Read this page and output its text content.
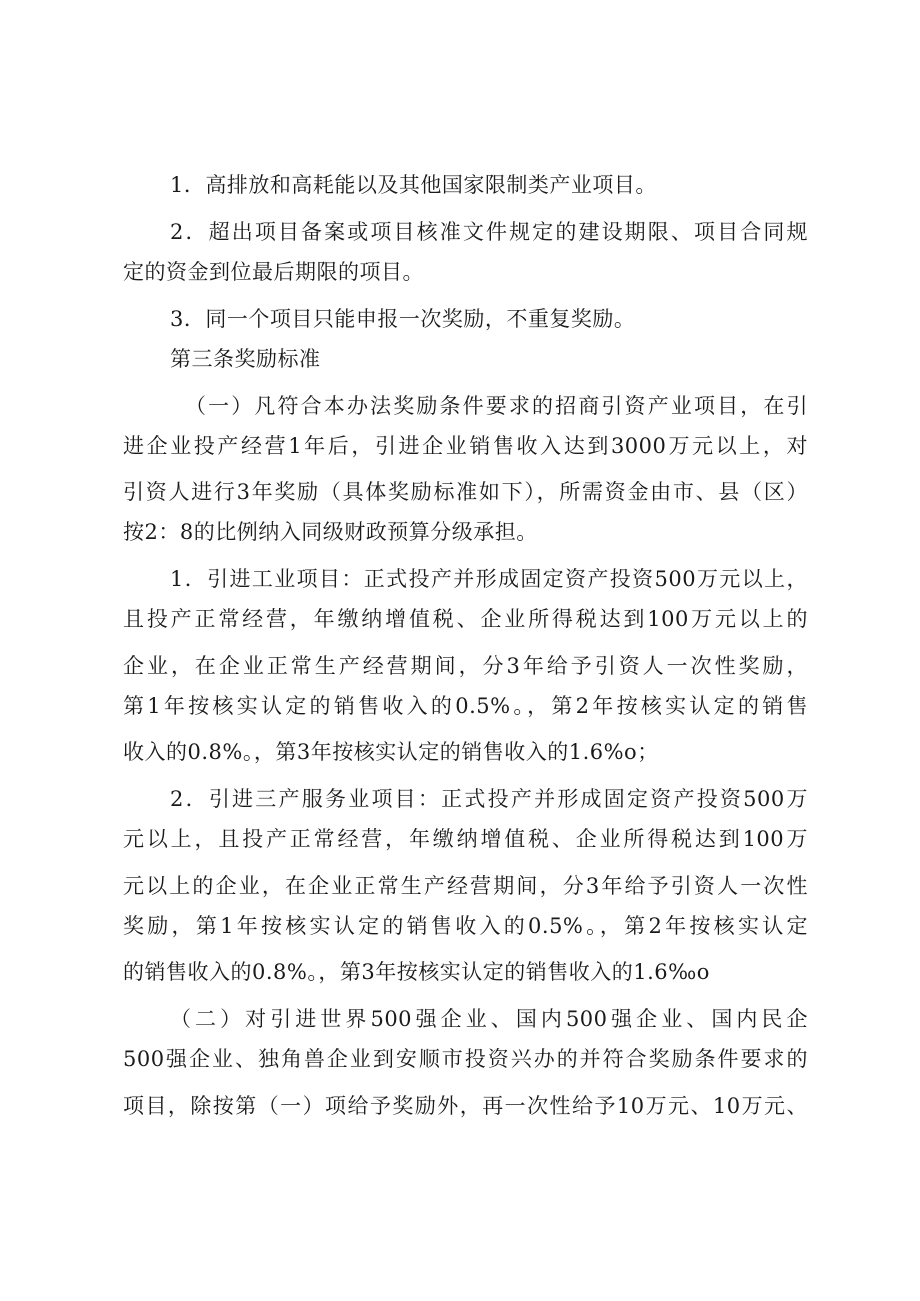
1．高排放和高耗能以及其他国家限制类产业项目。
2．超出项目备案或项目核准文件规定的建设期限、项目合同规
定的资金到位最后期限的项目。
3．同一个项目只能申报一次奖励，不重复奖励。
第三条奖励标准
（一）凡符合本办法奖励条件要求的招商引资产业项目，在引
进企业投产经营1年后，引进企业销售收入达到3000万元以上，对
引资人进行3年奖励（具体奖励标准如下），所需资金由市、县（区）
按2：8的比例纳入同级财政预算分级承担。
1．引进工业项目：正式投产并形成固定资产投资500万元以上，
且投产正常经营，年缴纳增值税、企业所得税达到100万元以上的
企业，在企业正常生产经营期间，分3年给予引资人一次性奖励，
第1年按核实认定的销售收入的0.5%。，第2年按核实认定的销售
收入的0.8%。，第3年按核实认定的销售收入的1.6%o；
2．引进三产服务业项目：正式投产并形成固定资产投资500万
元以上，且投产正常经营，年缴纳增值税、企业所得税达到100万
元以上的企业，在企业正常生产经营期间，分3年给予引资人一次性
奖励，第1年按核实认定的销售收入的0.5%。，第2年按核实认定
的销售收入的0.8%。，第3年按核实认定的销售收入的1.6‰o
（二）对引进世界500强企业、国内500强企业、国内民企
500强企业、独角兽企业到安顺市投资兴办的并符合奖励条件要求的
项目，除按第（一）项给予奖励外，再一次性给予10万元、10万元、
